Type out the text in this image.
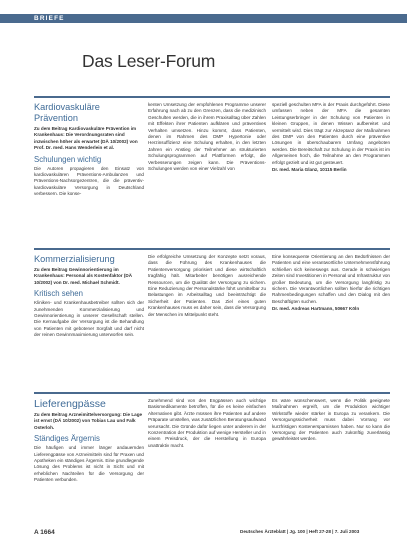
BRIEFE
Das Leser-Forum
Kardiovaskuläre Prävention
Zu dem Beitrag Kardiovaskuläre Prävention im Krankenhaus: Die Verordnungsraten sind inzwischen höher als erwartet (DÄ 10/2002) von Prof. Dr. med. Hans Wenderlein et al.
Schulungen wichtig
Die Autoren propagieren den Einsatz von kardiovaskulären Präventions-Ambulanzen und Präventions-Nachsorgezentren, die die präventiv-kardiovaskuläre Versorgung in Deutschland verbessern. Die konse-
kenten Umsetzung der empfohlenen Programme unserer Erfahrung nach ab zu den Grenzen, dass die medizinisch Geschulten werden, die in ihrem Praxisalltag über Zahlen mit Effekten ihrer Patienten aufklären und präventives Verhalten umsetzen. Hinzu kommt, dass Patienten, denen im Rahmen des DMP Hypertonie oder Herzinsuffizienz eine Schulung erhalten, in den letzten Jahren ein Anstieg der Teilnehmer an strukturierten Schulungsprogrammen auf Plattformen erfolgt, die Verbesserungen zeigen kann. Die Präventions-Schulungen werden von einer Vielzahl von
speziell geschulten MFA in der Praxis durchgeführt. Diese umfassen neben der MFA die gesamten Leistungserbringer in der Schulung von Patienten in kleinen Gruppen, in denen Wissen aufbereitet und vermittelt wird. Dies trägt zur Akzeptanz der Maßnahmen des DMP von den Patienten durch eine präventive Lösungen in überschaubarem Umfang angeboten werden. Die Bereitschaft zur Schulung in der Praxis ist im Allgemeinen hoch, die Teilnahme an den Programmen erfolgt gezielt und ist gut gesteuert.
Dr. med. Maria Glanz, 10115 Berlin
Kommerzialisierung
Zu dem Beitrag Gewinnorientierung im Krankenhaus: Personal als Kostenfaktor (DÄ 10/2002) von Dr. med. Michael Schmidt.
Kritisch sehen
Kliniken- und Krankenhausbetreiber sollten sich der zunehmenden Kommerzialisierung und Gewinnorientierung in unserer Gesellschaft stellen. Die Kernaufgabe der Versorgung ist die Behandlung von Patienten mit gebotener Sorgfalt und darf nicht der reinen Gewinnmaximierung unterworfen sein.
Die erfolgreiche Umsetzung der Konzepte setzt voraus, dass die Führung des Krankenhauses die Patientenversorgung priorisiert und diese wirtschaftlich tragfähig hält. Mitarbeiter benötigen ausreichende Ressourcen, um die Qualität der Versorgung zu sichern. Eine Reduzierung der Personalstärke führt unmittelbar zu Belastungen im Arbeitsalltag und beeinträchtigt die Sicherheit der Patienten. Das Ziel eines guten Krankenhauses muss es daher sein, dass die Versorgung der Menschen im Mittelpunkt steht.
Eine konsequente Orientierung an den Bedürfnissen der Patienten und eine verantwortliche Unternehmensführung schließen sich keineswegs aus. Gerade in schwierigen Zeiten sind Investitionen in Personal und Infrastruktur von großer Bedeutung, um die Versorgung langfristig zu sichern. Die Verantwortlichen sollten hierfür die richtigen Rahmenbedingungen schaffen und den Dialog mit den Beschäftigten suchen.
Dr. med. Andreas Hartmann, 50667 Köln
Lieferengpässe
Zu dem Beitrag Arzneimittelversorgung: Die Lage ist ernst (DÄ 10/2002) von Tobias Lau und Falk Osterloh.
Ständiges Ärgernis
Die häufigen und immer länger andauernden Lieferengpässe von Arzneimitteln sind für Praxen und Apotheken ein ständiges Ärgernis. Eine grundlegende Lösung des Problems ist nicht in Sicht und mit erheblichen Nachteilen für die Versorgung der Patienten verbunden.
Zunehmend sind von den Engpässen auch wichtige Basismedikamente betroffen, für die es keine einfachen Alternativen gibt. Ärzte müssen ihre Patienten auf andere Präparate umstellen, was zusätzlichen Beratungsaufwand verursacht. Die Gründe dafür liegen unter anderem in der Konzentration der Produktion auf wenige Hersteller und in einem Preisdruck, der die Herstellung in Europa unattraktiv macht.
Es wäre wünschenswert, wenn die Politik geeignete Maßnahmen ergreift, um die Produktion wichtiger Wirkstoffe wieder stärker in Europa zu verankern. Die Versorgungssicherheit muss dabei Vorrang vor kurzfristigen Kostenersparnissen haben. Nur so kann die Versorgung der Patienten auch zukünftig zuverlässig gewährleistet werden.
A 1664	Deutsches Ärzteblatt | Jg. 100 | Heft 27-28 | 7. Juli 2003
